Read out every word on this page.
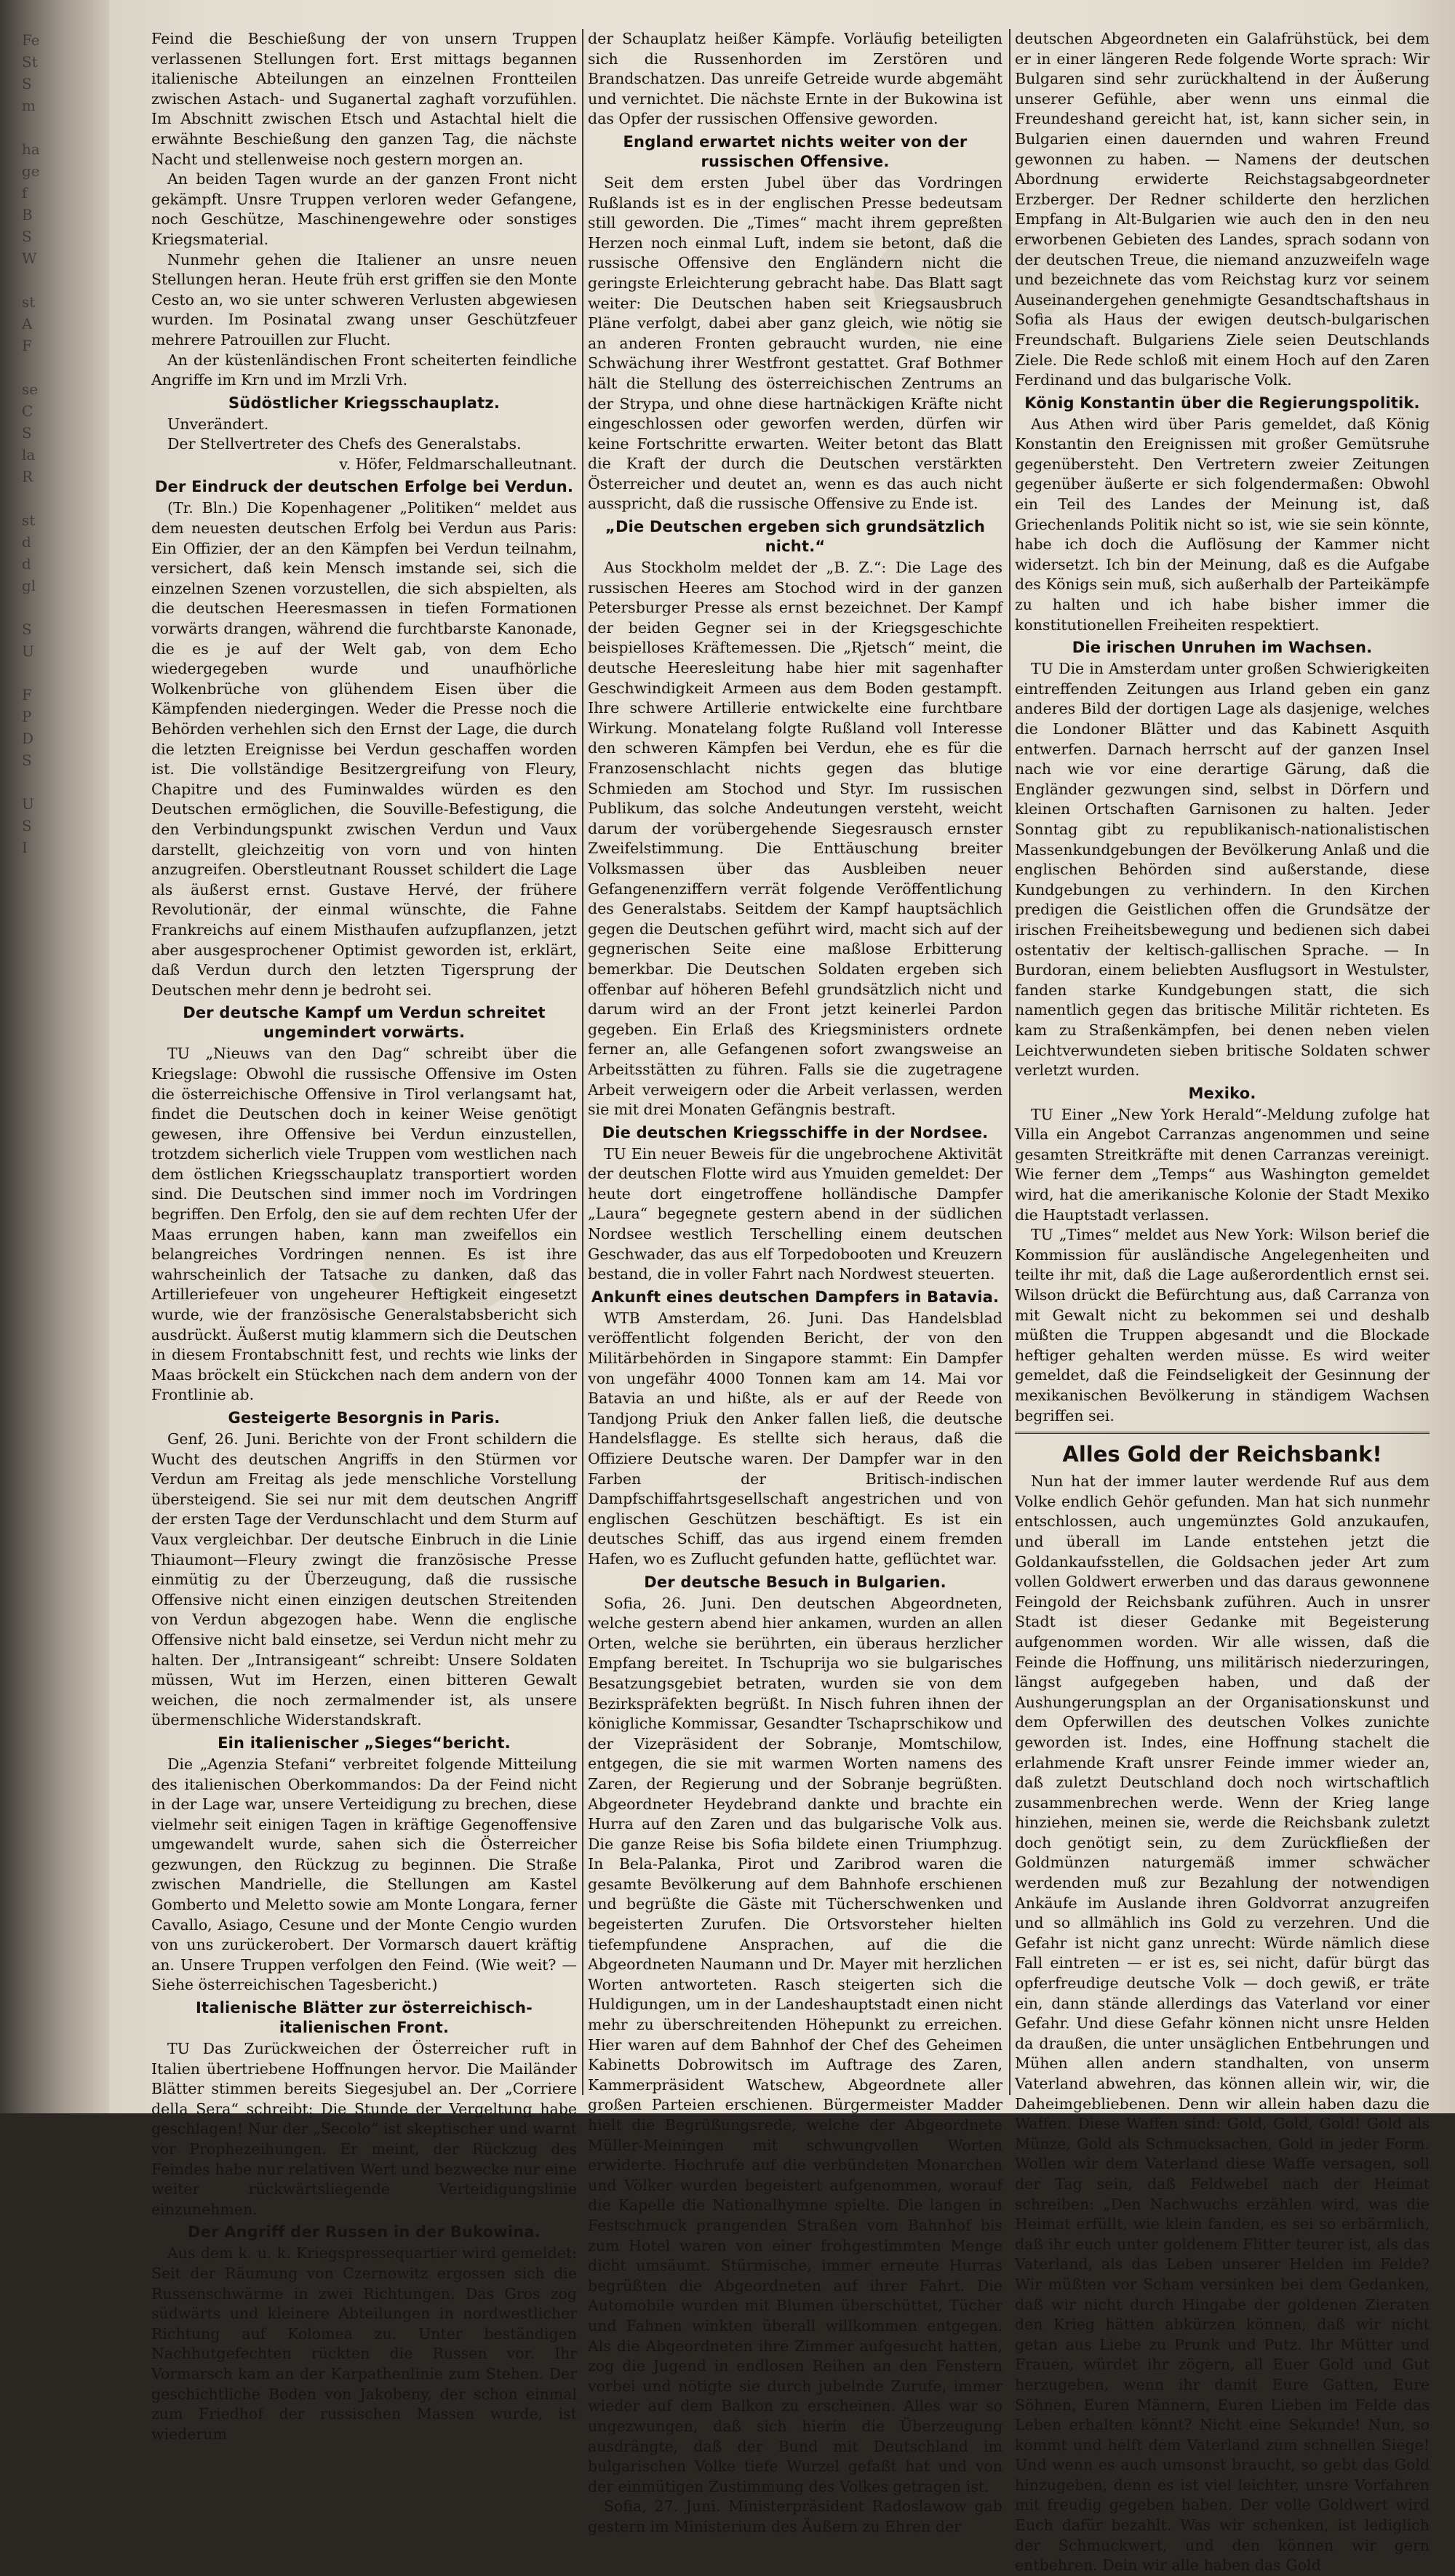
Fe
St
S
m

ha
ge
f
B
S
W

st
A
F

se
C
S
la
R

st
d
d
gl

S
U

F
P
D
S

U
S
I

Feind die Beschießung der von unsern Truppen verlassenen Stellungen fort. Erst mittags begannen italienische Abteilungen an einzelnen Frontteilen zwischen Astach- und Suganertal zaghaft vorzufühlen. Im Abschnitt zwischen Etsch und Astachtal hielt die erwähnte Beschießung den ganzen Tag, die nächste Nacht und stellenweise noch gestern morgen an.

An beiden Tagen wurde an der ganzen Front nicht gekämpft. Unsre Truppen verloren weder Gefangene, noch Geschütze, Maschinengewehre oder sonstiges Kriegsmaterial.

Nunmehr gehen die Italiener an unsre neuen Stellungen heran. Heute früh erst griffen sie den Monte Cesto an, wo sie unter schweren Verlusten abgewiesen wurden. Im Posinatal zwang unser Geschützfeuer mehrere Patrouillen zur Flucht.

An der küstenländischen Front scheiterten feindliche Angriffe im Krn und im Mrzli Vrh.

Südöstlicher Kriegsschauplatz.

Unverändert.

Der Stellvertreter des Chefs des Generalstabs.

v. Höfer, Feldmarschalleutnant.

Der Eindruck der deutschen Erfolge bei Verdun.

(Tr. Bln.) Die Kopenhagener „Politiken“ meldet aus dem neuesten deutschen Erfolg bei Verdun aus Paris: Ein Offizier, der an den Kämpfen bei Verdun teilnahm, versichert, daß kein Mensch imstande sei, sich die einzelnen Szenen vorzustellen, die sich abspielten, als die deutschen Heeresmassen in tiefen Formationen vorwärts drangen, während die furchtbarste Kanonade, die es je auf der Welt gab, von dem Echo wiedergegeben wurde und unaufhörliche Wolkenbrüche von glühendem Eisen über die Kämpfenden niedergingen. Weder die Presse noch die Behörden verhehlen sich den Ernst der Lage, die durch die letzten Ereignisse bei Verdun geschaffen worden ist. Die vollständige Besitzergreifung von Fleury, Chapitre und des Fuminwaldes würden es den Deutschen ermöglichen, die Souville-Befestigung, die den Verbindungspunkt zwischen Verdun und Vaux darstellt, gleichzeitig von vorn und von hinten anzugreifen. Oberstleutnant Rousset schildert die Lage als äußerst ernst. Gustave Hervé, der frühere Revolutionär, der einmal wünschte, die Fahne Frankreichs auf einem Misthaufen aufzupflanzen, jetzt aber ausgesprochener Optimist geworden ist, erklärt, daß Verdun durch den letzten Tigersprung der Deutschen mehr denn je bedroht sei.

Der deutsche Kampf um Verdun schreitet ungemindert vorwärts.

TU „Nieuws van den Dag“ schreibt über die Kriegslage: Obwohl die russische Offensive im Osten die österreichische Offensive in Tirol verlangsamt hat, findet die Deutschen doch in keiner Weise genötigt gewesen, ihre Offensive bei Verdun einzustellen, trotzdem sicherlich viele Truppen vom westlichen nach dem östlichen Kriegsschauplatz transportiert worden sind. Die Deutschen sind immer noch im Vordringen begriffen. Den Erfolg, den sie auf dem rechten Ufer der Maas errungen haben, kann man zweifellos ein belangreiches Vordringen nennen. Es ist ihre wahrscheinlich der Tatsache zu danken, daß das Artilleriefeuer von ungeheurer Heftigkeit eingesetzt wurde, wie der französische Generalstabsbericht sich ausdrückt. Äußerst mutig klammern sich die Deutschen in diesem Frontabschnitt fest, und rechts wie links der Maas bröckelt ein Stückchen nach dem andern von der Frontlinie ab.

Gesteigerte Besorgnis in Paris.

Genf, 26. Juni. Berichte von der Front schildern die Wucht des deutschen Angriffs in den Stürmen vor Verdun am Freitag als jede menschliche Vorstellung übersteigend. Sie sei nur mit dem deutschen Angriff der ersten Tage der Verdunschlacht und dem Sturm auf Vaux vergleichbar. Der deutsche Einbruch in die Linie Thiaumont—Fleury zwingt die französische Presse einmütig zu der Überzeugung, daß die russische Offensive nicht einen einzigen deutschen Streitenden von Verdun abgezogen habe. Wenn die englische Offensive nicht bald einsetze, sei Verdun nicht mehr zu halten. Der „Intransigeant“ schreibt: Unsere Soldaten müssen, Wut im Herzen, einen bitteren Gewalt weichen, die noch zermalmender ist, als unsere übermenschliche Widerstandskraft.

Ein italienischer „Sieges“bericht.

Die „Agenzia Stefani“ verbreitet folgende Mitteilung des italienischen Oberkommandos: Da der Feind nicht in der Lage war, unsere Verteidigung zu brechen, diese vielmehr seit einigen Tagen in kräftige Gegenoffensive umgewandelt wurde, sahen sich die Österreicher gezwungen, den Rückzug zu beginnen. Die Straße zwischen Mandrielle, die Stellungen am Kastel Gomberto und Meletto sowie am Monte Longara, ferner Cavallo, Asiago, Cesune und der Monte Cengio wurden von uns zurückerobert. Der Vormarsch dauert kräftig an. Unsere Truppen verfolgen den Feind. (Wie weit? — Siehe österreichischen Tagesbericht.)

Italienische Blätter zur österreichisch-italienischen Front.

TU Das Zurückweichen der Österreicher ruft in Italien übertriebene Hoffnungen hervor. Die Mailänder Blätter stimmen bereits Siegesjubel an. Der „Corriere della Sera“ schreibt: Die Stunde der Vergeltung habe geschlagen! Nur der „Secolo“ ist skeptischer und warnt vor Prophezeihungen. Er meint, der Rückzug des Feindes habe nur relativen Wert und bezwecke nur eine weiter rückwärtsliegende Verteidigungslinie einzunehmen.

Der Angriff der Russen in der Bukowina.

Aus dem k. u. k. Kriegspressequartier wird gemeldet: Seit der Räumung von Czernowitz ergossen sich die Russenschwärme in zwei Richtungen. Das Gros zog südwärts und kleinere Abteilungen in nordwestlicher Richtung auf Kolomea zu. Unter beständigen Nachhutgefechten rückten die Russen vor. Ihr Vormarsch kam an der Karpathenlinie zum Stehen. Der geschichtliche Boden von Jakobeny, der schon einmal zum Friedhof der russischen Massen wurde, ist wiederum

der Schauplatz heißer Kämpfe. Vorläufig beteiligten sich die Russenhorden im Zerstören und Brandschatzen. Das unreife Getreide wurde abgemäht und vernichtet. Die nächste Ernte in der Bukowina ist das Opfer der russischen Offensive geworden.

England erwartet nichts weiter von der russischen Offensive.

Seit dem ersten Jubel über das Vordringen Rußlands ist es in der englischen Presse bedeutsam still geworden. Die „Times“ macht ihrem gepreßten Herzen noch einmal Luft, indem sie betont, daß die russische Offensive den Engländern nicht die geringste Erleichterung gebracht habe. Das Blatt sagt weiter: Die Deutschen haben seit Kriegsausbruch Pläne verfolgt, dabei aber ganz gleich, wie nötig sie an anderen Fronten gebraucht wurden, nie eine Schwächung ihrer Westfront gestattet. Graf Bothmer hält die Stellung des österreichischen Zentrums an der Strypa, und ohne diese hartnäckigen Kräfte nicht eingeschlossen oder geworfen werden, dürfen wir keine Fortschritte erwarten. Weiter betont das Blatt die Kraft der durch die Deutschen verstärkten Österreicher und deutet an, wenn es das auch nicht ausspricht, daß die russische Offensive zu Ende ist.

„Die Deutschen ergeben sich grundsätzlich nicht.“

Aus Stockholm meldet der „B. Z.“: Die Lage des russischen Heeres am Stochod wird in der ganzen Petersburger Presse als ernst bezeichnet. Der Kampf der beiden Gegner sei in der Kriegsgeschichte beispielloses Kräftemessen. Die „Rjetsch“ meint, die deutsche Heeresleitung habe hier mit sagenhafter Geschwindigkeit Armeen aus dem Boden gestampft. Ihre schwere Artillerie entwickelte eine furchtbare Wirkung. Monatelang folgte Rußland voll Interesse den schweren Kämpfen bei Verdun, ehe es für die Franzosenschlacht nichts gegen das blutige Schmieden am Stochod und Styr. Im russischen Publikum, das solche Andeutungen versteht, weicht darum der vorübergehende Siegesrausch ernster Zweifelstimmung. Die Enttäuschung breiter Volksmassen über das Ausbleiben neuer Gefangenenziffern verrät folgende Veröffentlichung des Generalstabs. Seitdem der Kampf hauptsächlich gegen die Deutschen geführt wird, macht sich auf der gegnerischen Seite eine maßlose Erbitterung bemerkbar. Die Deutschen Soldaten ergeben sich offenbar auf höheren Befehl grundsätzlich nicht und darum wird an der Front jetzt keinerlei Pardon gegeben. Ein Erlaß des Kriegsministers ordnete ferner an, alle Gefangenen sofort zwangsweise an Arbeitsstätten zu führen. Falls sie die zugetragene Arbeit verweigern oder die Arbeit verlassen, werden sie mit drei Monaten Gefängnis bestraft.

Die deutschen Kriegsschiffe in der Nordsee.

TU Ein neuer Beweis für die ungebrochene Aktivität der deutschen Flotte wird aus Ymuiden gemeldet: Der heute dort eingetroffene holländische Dampfer „Laura“ begegnete gestern abend in der südlichen Nordsee westlich Terschelling einem deutschen Geschwader, das aus elf Torpedobooten und Kreuzern bestand, die in voller Fahrt nach Nordwest steuerten.

Ankunft eines deutschen Dampfers in Batavia.

WTB Amsterdam, 26. Juni. Das Handelsblad veröffentlicht folgenden Bericht, der von den Militärbehörden in Singapore stammt: Ein Dampfer von ungefähr 4000 Tonnen kam am 14. Mai vor Batavia an und hißte, als er auf der Reede von Tandjong Priuk den Anker fallen ließ, die deutsche Handelsflagge. Es stellte sich heraus, daß die Offiziere Deutsche waren. Der Dampfer war in den Farben der Britisch-indischen Dampfschiffahrtsgesellschaft angestrichen und von englischen Geschützen beschäftigt. Es ist ein deutsches Schiff, das aus irgend einem fremden Hafen, wo es Zuflucht gefunden hatte, geflüchtet war.

Der deutsche Besuch in Bulgarien.

Sofia, 26. Juni. Den deutschen Abgeordneten, welche gestern abend hier ankamen, wurden an allen Orten, welche sie berührten, ein überaus herzlicher Empfang bereitet. In Tschuprija wo sie bulgarisches Besatzungsgebiet betraten, wurden sie von dem Bezirkspräfekten begrüßt. In Nisch fuhren ihnen der königliche Kommissar, Gesandter Tschaprschikow und der Vizepräsident der Sobranje, Momtschilow, entgegen, die sie mit warmen Worten namens des Zaren, der Regierung und der Sobranje begrüßten. Abgeordneter Heydebrand dankte und brachte ein Hurra auf den Zaren und das bulgarische Volk aus. Die ganze Reise bis Sofia bildete einen Triumphzug. In Bela-Palanka, Pirot und Zaribrod waren die gesamte Bevölkerung auf dem Bahnhofe erschienen und begrüßte die Gäste mit Tücherschwenken und begeisterten Zurufen. Die Ortsvorsteher hielten tiefempfundene Ansprachen, auf die die Abgeordneten Naumann und Dr. Mayer mit herzlichen Worten antworteten. Rasch steigerten sich die Huldigungen, um in der Landeshauptstadt einen nicht mehr zu überschreitenden Höhepunkt zu erreichen. Hier waren auf dem Bahnhof der Chef des Geheimen Kabinetts Dobrowitsch im Auftrage des Zaren, Kammerpräsident Watschew, Abgeordnete aller großen Parteien erschienen. Bürgermeister Madder hielt die Begrüßungsrede, welche der Abgeordnete Müller-Meiningen mit schwungvollen Worten erwiderte. Hochrufe auf die verbündeten Monarchen und Völker wurden begeistert aufgenommen, worauf die Kapelle die Nationalhymne spielte. Die langen in Festschmuck prangenden Straßen vom Bahnhof bis zum Hotel waren von einer frohgestimmten Menge dicht umsäumt. Stürmische, immer erneute Hurras begrüßten die Abgeordneten auf ihrer Fahrt. Die Automobile wurden mit Blumen überschüttet, Tücher und Fahnen winkten überall willkommen entgegen. Als die Abgeordneten ihre Zimmer aufgesucht hatten, zog die Jugend in endlosen Reihen an den Fenstern vorbei und nötigte sie durch jubelnde Zurufe, immer wieder auf dem Balkon zu erscheinen. Alles war so ungezwungen, daß sich hierin die Überzeugung ausdrängte, daß der Bund mit Deutschland im bulgarischen Volke tiefe Wurzel gefaßt hat und von der einmütigen Zustimmung des Volkes getragen ist.

Sofia, 27. Juni. Ministerpräsident Radoslawow gab gestern im Ministerium des Äußern zu Ehren der

deutschen Abgeordneten ein Galafrühstück, bei dem er in einer längeren Rede folgende Worte sprach: Wir Bulgaren sind sehr zurückhaltend in der Äußerung unserer Gefühle, aber wenn uns einmal die Freundeshand gereicht hat, ist, kann sicher sein, in Bulgarien einen dauernden und wahren Freund gewonnen zu haben. — Namens der deutschen Abordnung erwiderte Reichstagsabgeordneter Erzberger. Der Redner schilderte den herzlichen Empfang in Alt-Bulgarien wie auch den in den neu erworbenen Gebieten des Landes, sprach sodann von der deutschen Treue, die niemand anzuzweifeln wage und bezeichnete das vom Reichstag kurz vor seinem Auseinandergehen genehmigte Gesandtschaftshaus in Sofia als Haus der ewigen deutsch-bulgarischen Freundschaft. Bulgariens Ziele seien Deutschlands Ziele. Die Rede schloß mit einem Hoch auf den Zaren Ferdinand und das bulgarische Volk.

König Konstantin über die Regierungspolitik.

Aus Athen wird über Paris gemeldet, daß König Konstantin den Ereignissen mit großer Gemütsruhe gegenübersteht. Den Vertretern zweier Zeitungen gegenüber äußerte er sich folgendermaßen: Obwohl ein Teil des Landes der Meinung ist, daß Griechenlands Politik nicht so ist, wie sie sein könnte, habe ich doch die Auflösung der Kammer nicht widersetzt. Ich bin der Meinung, daß es die Aufgabe des Königs sein muß, sich außerhalb der Parteikämpfe zu halten und ich habe bisher immer die konstitutionellen Freiheiten respektiert.

Die irischen Unruhen im Wachsen.

TU Die in Amsterdam unter großen Schwierigkeiten eintreffenden Zeitungen aus Irland geben ein ganz anderes Bild der dortigen Lage als dasjenige, welches die Londoner Blätter und das Kabinett Asquith entwerfen. Darnach herrscht auf der ganzen Insel nach wie vor eine derartige Gärung, daß die Engländer gezwungen sind, selbst in Dörfern und kleinen Ortschaften Garnisonen zu halten. Jeder Sonntag gibt zu republikanisch-nationalistischen Massenkundgebungen der Bevölkerung Anlaß und die englischen Behörden sind außerstande, diese Kundgebungen zu verhindern. In den Kirchen predigen die Geistlichen offen die Grundsätze der irischen Freiheitsbewegung und bedienen sich dabei ostentativ der keltisch-gallischen Sprache. — In Burdoran, einem beliebten Ausflugsort in Westulster, fanden starke Kundgebungen statt, die sich namentlich gegen das britische Militär richteten. Es kam zu Straßenkämpfen, bei denen neben vielen Leichtverwundeten sieben britische Soldaten schwer verletzt wurden.

Mexiko.

TU Einer „New York Herald“-Meldung zufolge hat Villa ein Angebot Carranzas angenommen und seine gesamten Streitkräfte mit denen Carranzas vereinigt. Wie ferner dem „Temps“ aus Washington gemeldet wird, hat die amerikanische Kolonie der Stadt Mexiko die Hauptstadt verlassen.

TU „Times“ meldet aus New York: Wilson berief die Kommission für ausländische Angelegenheiten und teilte ihr mit, daß die Lage außerordentlich ernst sei. Wilson drückt die Befürchtung aus, daß Carranza von mit Gewalt nicht zu bekommen sei und deshalb müßten die Truppen abgesandt und die Blockade heftiger gehalten werden müsse. Es wird weiter gemeldet, daß die Feindseligkeit der Gesinnung der mexikanischen Bevölkerung in ständigem Wachsen begriffen sei.

Alles Gold der Reichsbank!

Nun hat der immer lauter werdende Ruf aus dem Volke endlich Gehör gefunden. Man hat sich nunmehr entschlossen, auch ungemünztes Gold anzukaufen, und überall im Lande entstehen jetzt die Goldankaufsstellen, die Goldsachen jeder Art zum vollen Goldwert erwerben und das daraus gewonnene Feingold der Reichsbank zuführen. Auch in unsrer Stadt ist dieser Gedanke mit Begeisterung aufgenommen worden. Wir alle wissen, daß die Feinde die Hoffnung, uns militärisch niederzuringen, längst aufgegeben haben, und daß der Aushungerungsplan an der Organisationskunst und dem Opferwillen des deutschen Volkes zunichte geworden ist. Indes, eine Hoffnung stachelt die erlahmende Kraft unsrer Feinde immer wieder an, daß zuletzt Deutschland doch noch wirtschaftlich zusammenbrechen werde. Wenn der Krieg lange hinziehen, meinen sie, werde die Reichsbank zuletzt doch genötigt sein, zu dem Zurückfließen der Goldmünzen naturgemäß immer schwächer werdenden muß zur Bezahlung der notwendigen Ankäufe im Auslande ihren Goldvorrat anzugreifen und so allmählich ins Gold zu verzehren. Und die Gefahr ist nicht ganz unrecht: Würde nämlich diese Fall eintreten — er ist es, sei nicht, dafür bürgt das opferfreudige deutsche Volk — doch gewiß, er träte ein, dann stände allerdings das Vaterland vor einer Gefahr. Und diese Gefahr können nicht unsre Helden da draußen, die unter unsäglichen Entbehrungen und Mühen allen andern standhalten, von unserm Vaterland abwehren, das können allein wir, wir, die Daheimgebliebenen. Denn wir allein haben dazu die Waffen. Diese Waffen sind: Gold, Gold, Gold! Gold als Münze, Gold als Schmucksachen, Gold in jeder Form. Wollen wir dem Vaterland diese Waffe versagen, soll der Tag sein, daß Feldwebel nach der Heimat schreiben: „Den Nachwuchs erzählen wird, was die Heimat erfüllt, wie klein fanden, es sei so erbärmlich, daß ihr euch unter goldenem Flitter teurer ist, als das Vaterland, als das Leben unserer Helden im Felde? Wir müßten vor Scham versinken bei dem Gedanken, daß wir nicht durch Hingabe der goldenen Zieraten den Krieg hätten abkürzen können, daß wir nicht getan aus Liebe zu Prunk und Putz. Ihr Mütter und Frauen, würdet ihr zögern, all Euer Gold und Gut herzugeben, wenn ihr damit Eure Gatten, Eure Söhnen, Euren Männern, Euren Lieben im Felde das Leben erhalten könnt? Nicht eine Sekunde! Nun, so kommt und helft dem Vaterland zum schnellen Siege! Und wenn es auch umsonst braucht, so gebt das Gold hinzugeben, denn es ist viel leichter, unsre Vorfahren mit freudig gegeben haben. Der volle Goldwert wird Euch dafür bezahlt. Was wir schenken, ist lediglich der Schmuckwert, und den können wir gern entbehren. Dein wir alle haben das Gold
